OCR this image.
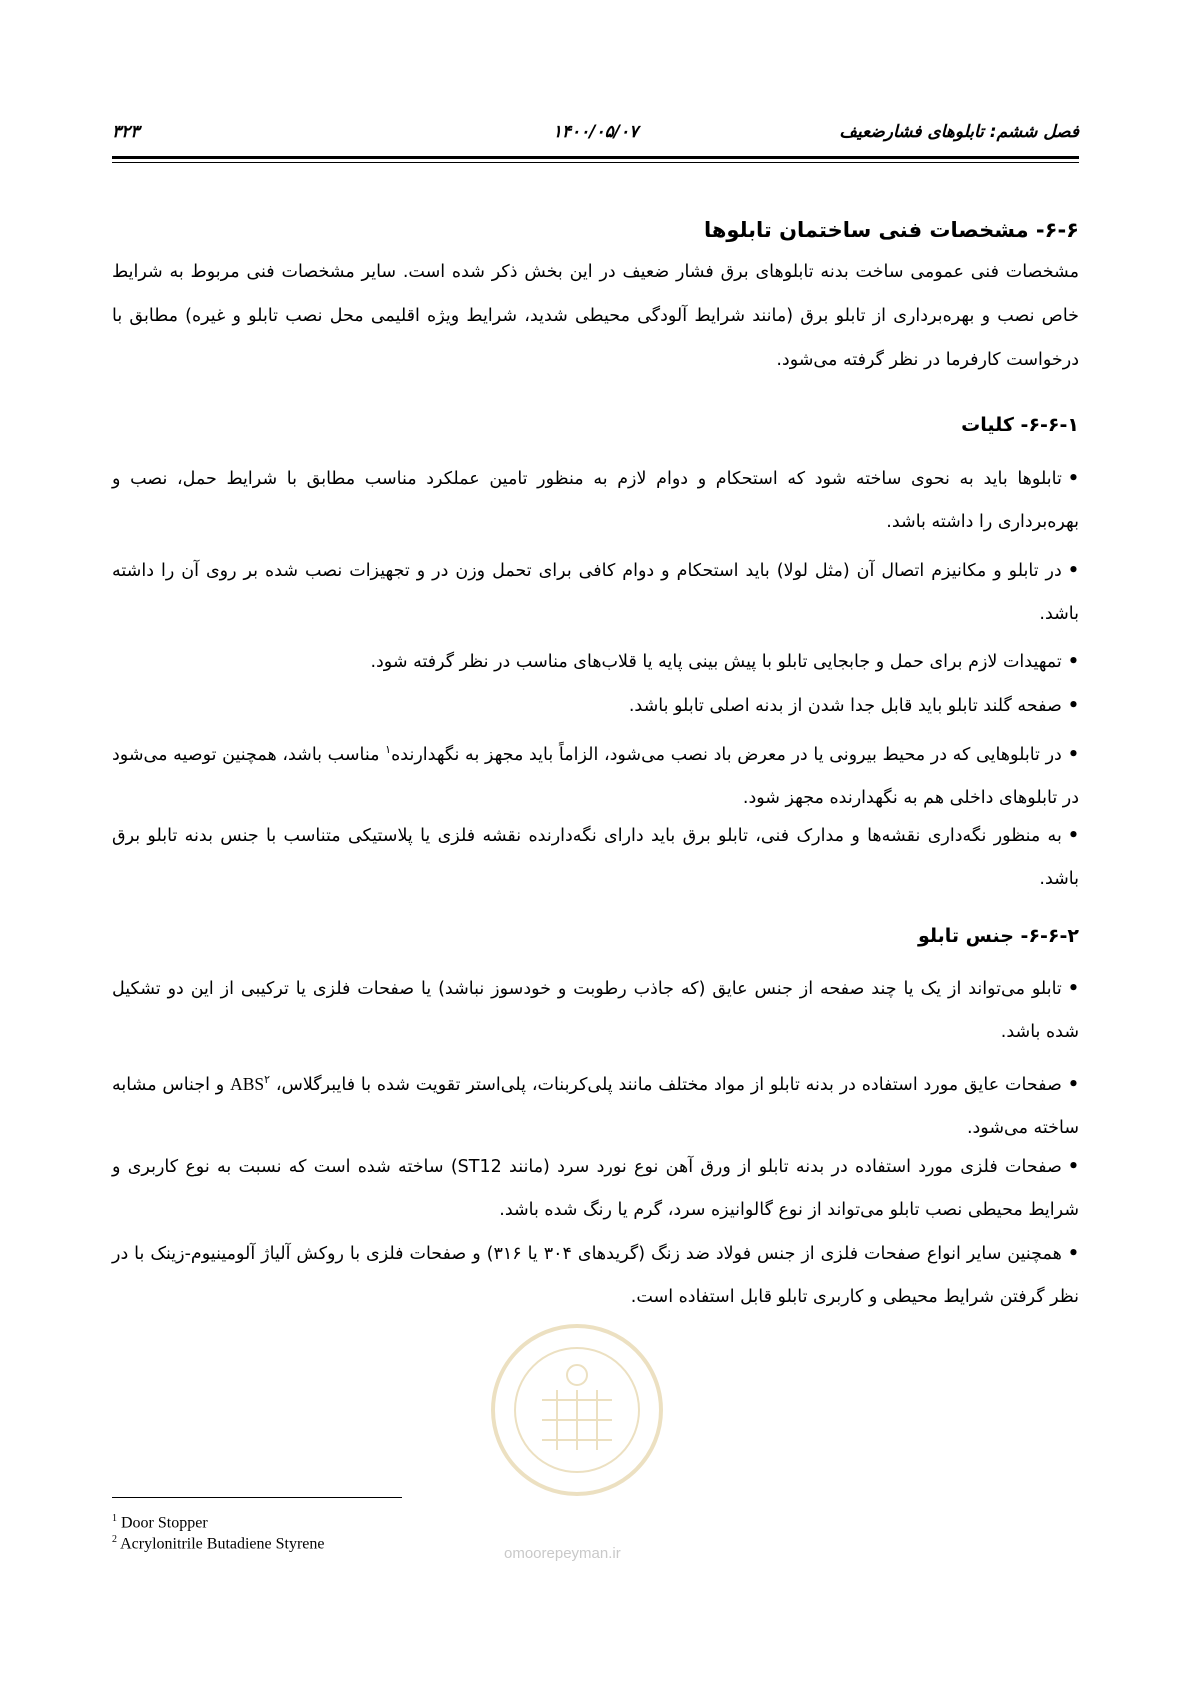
فصل ششم: تابلوهای فشارضعیف
۱۴۰۰/۰۵/۰۷
۳۲۳
omoorepeyman.ir
۶-۶- مشخصات فنی ساختمان تابلوها
مشخصات فنی عمومی ساخت بدنه تابلوهای برق فشار ضعیف در این بخش ذکر شده است. سایر مشخصات فنی مربوط به شرایط خاص نصب و بهره‌برداری از تابلو برق (مانند شرایط آلودگی محیطی شدید، شرایط ویژه اقلیمی محل نصب تابلو و غیره) مطابق با درخواست کارفرما در نظر گرفته می‌شود.
۶-۶-۱- کلیات
•تابلوها باید به نحوی ساخته شود که استحکام و دوام لازم به منظور تامین عملکرد مناسب مطابق با شرایط حمل، نصب و بهره‌برداری را داشته باشد.
•در تابلو و مکانیزم اتصال آن (مثل لولا) باید استحکام و دوام کافی برای تحمل وزن در و تجهیزات نصب شده بر روی آن را داشته باشد.
•تمهیدات لازم برای حمل و جابجایی تابلو با پیش بینی پایه یا قلاب‌های مناسب در نظر گرفته شود.
•صفحه گلند تابلو باید قابل جدا شدن از بدنه اصلی تابلو باشد.
•در تابلوهایی که در محیط بیرونی یا در معرض باد نصب می‌شود، الزاماً باید مجهز به نگهدارنده$^۱$ مناسب باشد، همچنین توصیه می‌شود در تابلوهای داخلی هم به نگهدارنده مجهز شود.
•به منظور نگه‌داری نقشه‌ها و مدارک فنی، تابلو برق باید دارای نگه‌دارنده نقشه فلزی یا پلاستیکی متناسب با جنس بدنه تابلو برق باشد.
۶-۶-۲- جنس تابلو
•تابلو می‌تواند از یک یا چند صفحه از جنس عایق (که جاذب رطوبت و خودسوز نباشد) یا صفحات فلزی یا ترکیبی از این دو تشکیل شده باشد.
•صفحات عایق مورد استفاده در بدنه تابلو از مواد مختلف مانند پلی‌کربنات، پلی‌استر تقویت شده با فایبرگلاس، ABS$^۲$ و اجناس مشابه ساخته می‌شود.
•صفحات فلزی مورد استفاده در بدنه تابلو از ورق آهن نوع نورد سرد (مانند ST12) ساخته شده است که نسبت به نوع کاربری و شرایط محیطی نصب تابلو می‌تواند از نوع گالوانیزه سرد، گرم یا رنگ شده باشد.
•همچنین سایر انواع صفحات فلزی از جنس فولاد ضد زنگ (گریدهای ۳۰۴ یا ۳۱۶) و صفحات فلزی با روکش آلیاژ آلومینیوم-زینک با در نظر گرفتن شرایط محیطی و کاربری تابلو قابل استفاده است.
$^1$ Door Stopper
$^2$ Acrylonitrile Butadiene Styrene
